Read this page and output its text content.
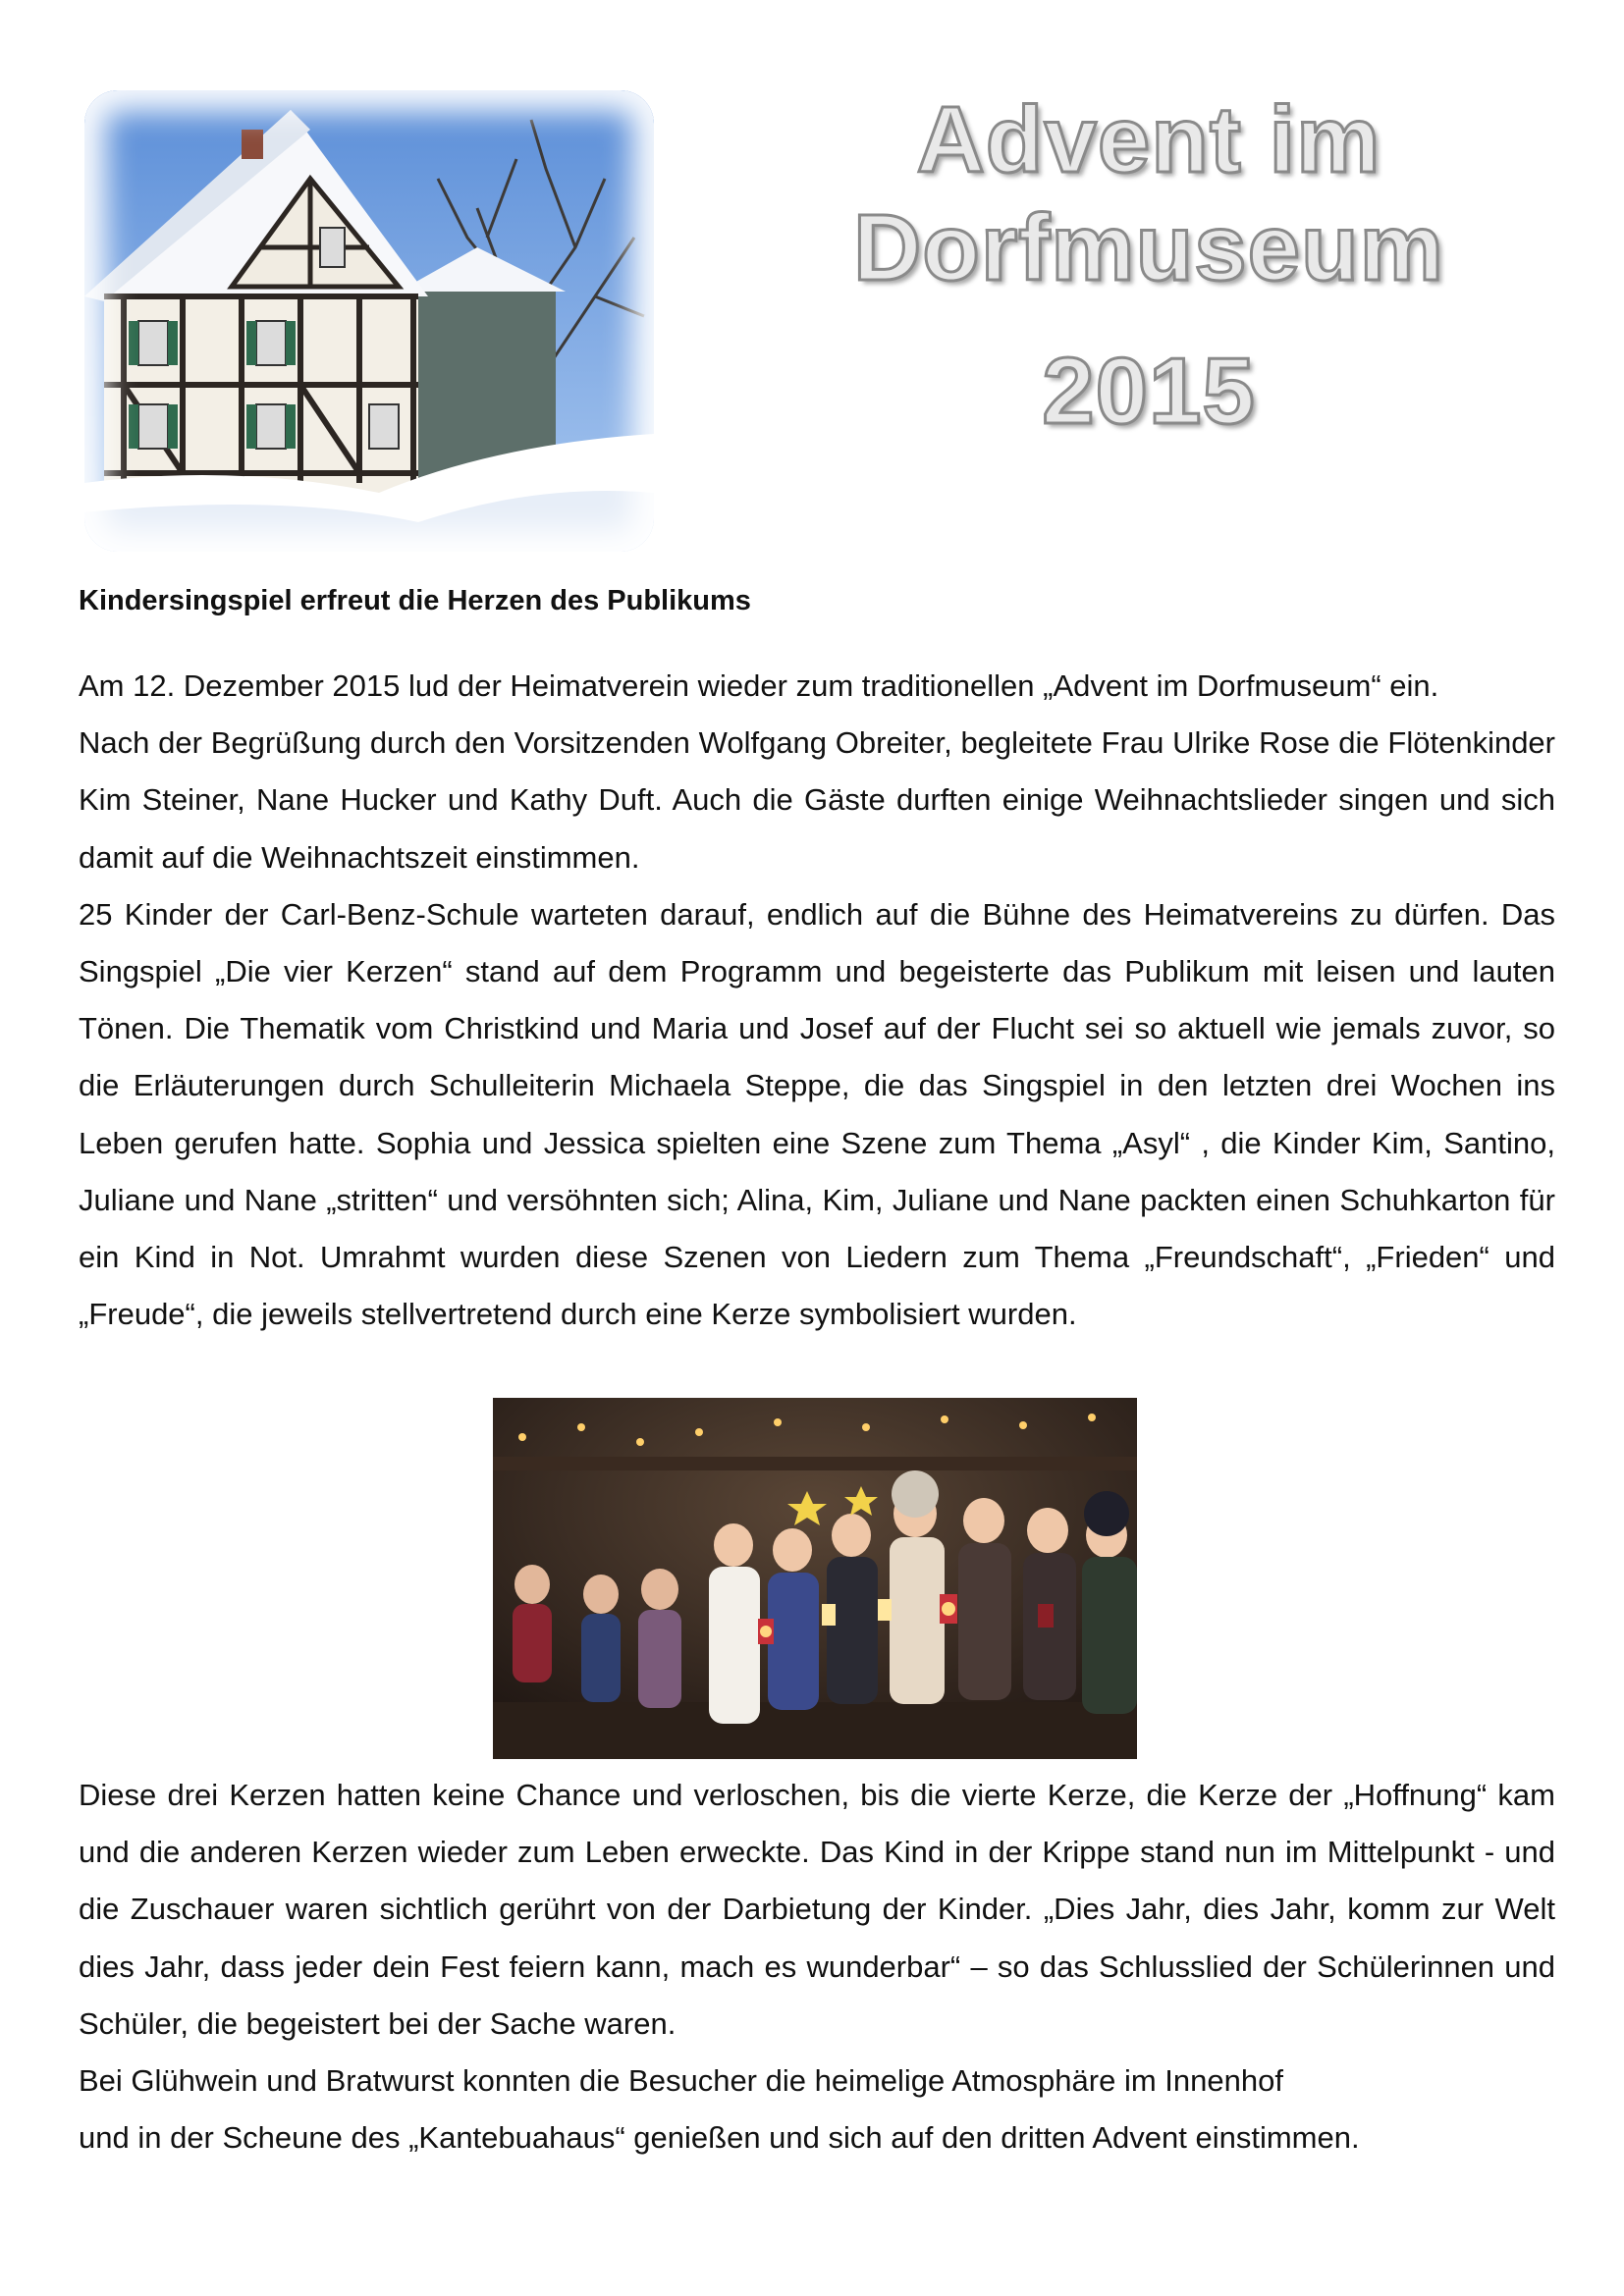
Advent im
Dorfmuseum
2015
Kindersingspiel erfreut die Herzen des Publikums

Am 12. Dezember 2015 lud der Heimatverein wieder zum traditionellen „Advent im Dorfmuseum“ ein.

Nach der Begrüßung durch den Vorsitzenden Wolfgang Obreiter, begleitete Frau Ulrike Rose die Flötenkinder Kim Steiner, Nane Hucker und Kathy Duft. Auch die Gäste durften einige Weihnachtslieder singen und sich damit auf die Weihnachtszeit einstimmen.

25 Kinder der Carl-Benz-Schule warteten darauf, endlich auf die Bühne des Heimatvereins zu dürfen. Das Singspiel „Die vier Kerzen“ stand auf dem Programm und begeisterte das Publikum mit leisen und lauten Tönen. Die Thematik vom Christkind und Maria und Josef auf der Flucht sei so aktuell wie jemals zuvor, so die Erläuterungen durch Schulleiterin Michaela Steppe, die das Singspiel in den letzten drei Wochen ins Leben gerufen hatte. Sophia und Jessica spielten eine Szene zum Thema „Asyl“ , die Kinder Kim, Santino, Juliane und Nane „stritten“ und versöhnten sich; Alina, Kim, Juliane und Nane packten einen Schuhkarton für ein Kind in Not. Umrahmt wurden diese Szenen von Liedern zum Thema „Freundschaft“, „Frieden“ und „Freude“, die jeweils stellvertretend durch eine Kerze symbolisiert wurden.

Diese drei Kerzen hatten keine Chance und verloschen, bis die vierte Kerze, die Kerze der „Hoffnung“ kam und die anderen Kerzen wieder zum Leben erweckte. Das Kind in der Krippe stand nun im Mittelpunkt - und die Zuschauer waren sichtlich gerührt von der Darbietung der Kinder. „Dies Jahr, dies Jahr, komm zur Welt dies Jahr, dass jeder dein Fest feiern kann, mach es wunderbar“ – so das Schlusslied der Schülerinnen und Schüler, die begeistert bei der Sache waren.

Bei Glühwein und Bratwurst konnten die Besucher die heimelige Atmosphäre im Innenhof

und in der Scheune des „Kantebuahaus“ genießen und sich auf den dritten Advent einstimmen.
